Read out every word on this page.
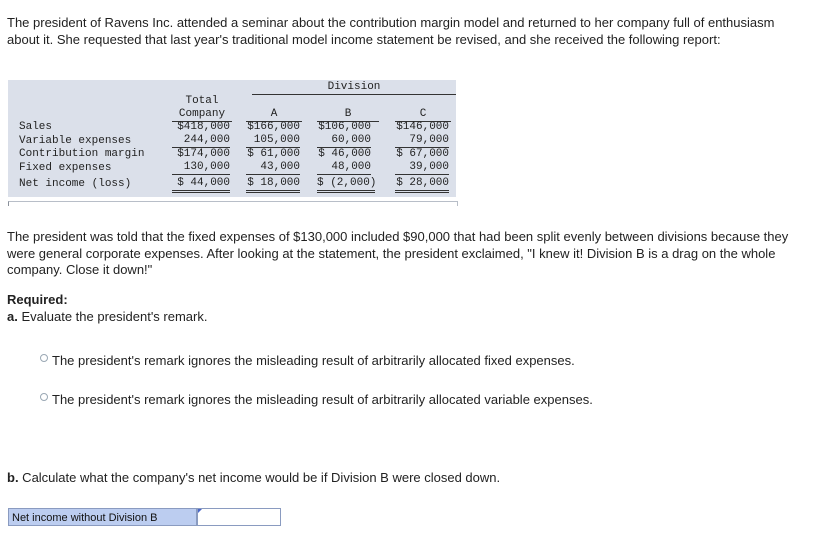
The president of Ravens Inc. attended a seminar about the contribution margin model and returned to her company full of enthusiasm about it. She requested that last year's traditional model income statement be revised, and she received the following report:

Division
Total
Company	A	B	C
Sales	$418,000 $166,000 $106,000 $146,000
Variable expenses	244,000	105,000	60,000	79,000
Contribution margin	$174,000 $ 61,000 $ 46,000 $ 67,000
Fixed expenses	130,000	43,000	48,000	39,000
Net income (loss)	$ 44,000 $ 18,000 $ (2,000) $ 28,000

The president was told that the fixed expenses of $130,000 included $90,000 that had been split evenly between divisions because they were general corporate expenses. After looking at the statement, the president exclaimed, "I knew it! Division B is a drag on the whole company. Close it down!"

Required:
a. Evaluate the president's remark.
The president's remark ignores the misleading result of arbitrarily allocated fixed expenses.
The president's remark ignores the misleading result of arbitrarily allocated variable expenses.
b. Calculate what the company's net income would be if Division B were closed down.
Net income without Division B
